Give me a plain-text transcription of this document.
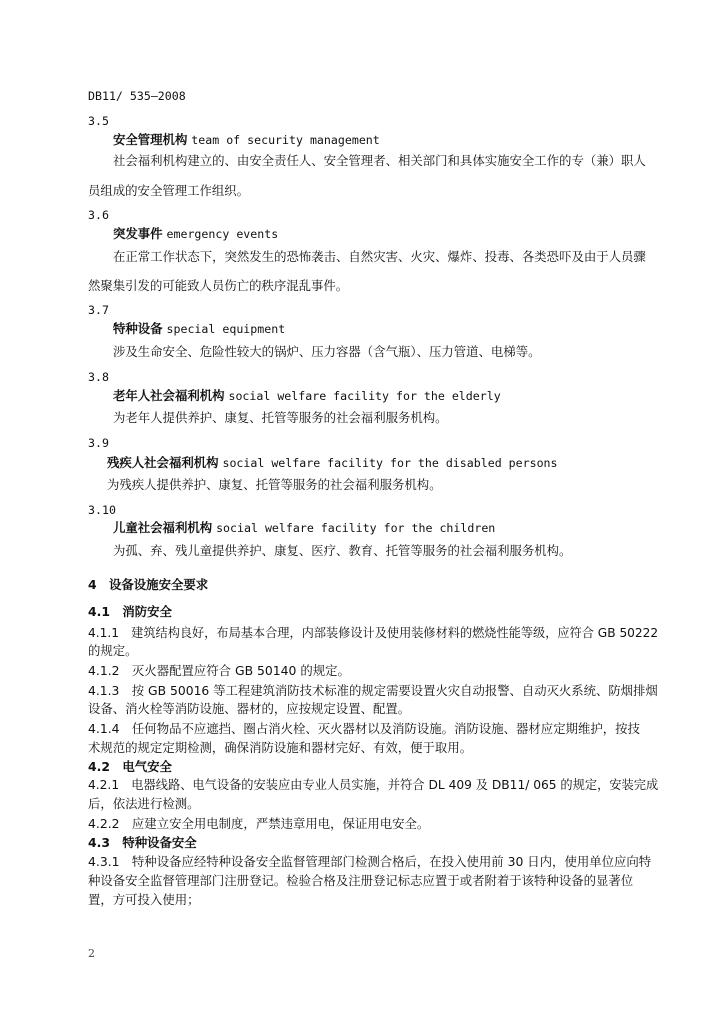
DB11/ 535—2008
3.5
安全管理机构 team of security management
社会福利机构建立的、由安全责任人、安全管理者、相关部门和具体实施安全工作的专（兼）职人
员组成的安全管理工作组织。
3.6
突发事件 emergency events
在正常工作状态下，突然发生的恐怖袭击、自然灾害、火灾、爆炸、投毒、各类恐吓及由于人员骤
然聚集引发的可能致人员伤亡的秩序混乱事件。
3.7
特种设备 special equipment
涉及生命安全、危险性较大的锅炉、压力容器（含气瓶）、压力管道、电梯等。
3.8
老年人社会福利机构 social welfare facility for the elderly
为老年人提供养护、康复、托管等服务的社会福利服务机构。
3.9
残疾人社会福利机构 social welfare facility for the disabled persons
为残疾人提供养护、康复、托管等服务的社会福利服务机构。
3.10
儿童社会福利机构 social welfare facility for the children
为孤、弃、残儿童提供养护、康复、医疗、教育、托管等服务的社会福利服务机构。
4　设备设施安全要求
4.1　消防安全
4.1.1　建筑结构良好，布局基本合理，内部装修设计及使用装修材料的燃烧性能等级，应符合 GB 50222
的规定。
4.1.2　灭火器配置应符合 GB 50140 的规定。
4.1.3　按 GB 50016 等工程建筑消防技术标准的规定需要设置火灾自动报警、自动灭火系统、防烟排烟
设备、消火栓等消防设施、器材的，应按规定设置、配置。
4.1.4　任何物品不应遮挡、圈占消火栓、灭火器材以及消防设施。消防设施、器材应定期维护，按技
术规范的规定定期检测，确保消防设施和器材完好、有效，便于取用。
4.2　电气安全
4.2.1　电器线路、电气设备的安装应由专业人员实施，并符合 DL 409 及 DB11/ 065 的规定，安装完成
后，依法进行检测。
4.2.2　应建立安全用电制度，严禁违章用电，保证用电安全。
4.3　特种设备安全
4.3.1　特种设备应经特种设备安全监督管理部门检测合格后，在投入使用前 30 日内，使用单位应向特
种设备安全监督管理部门注册登记。检验合格及注册登记标志应置于或者附着于该特种设备的显著位
置，方可投入使用；
2
